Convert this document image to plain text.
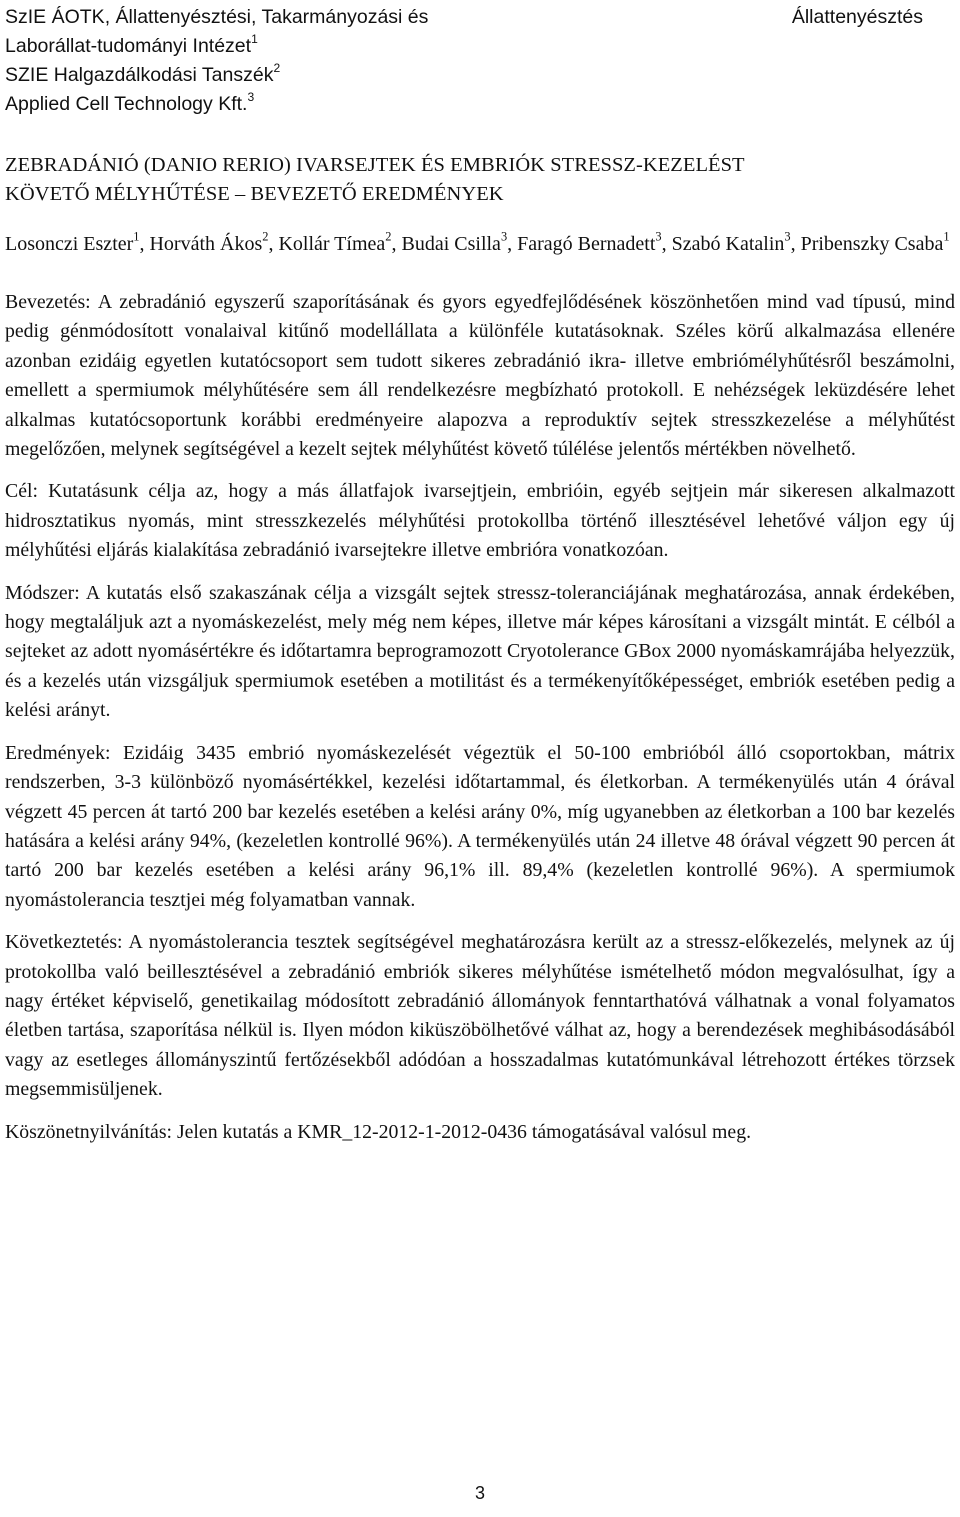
SzIE ÁOTK, Állattenyésztési, Takarmányozási és
Laborállat-tudományi Intézet$^1$
SZIE Halgazdálkodási Tanszék$^2$
Applied Cell Technology Kft.$^3$
Állattenyésztés
ZEBRADÁNIÓ (DANIO RERIO) IVARSEJTEK ÉS EMBRIÓK STRESSZ-KEZELÉST
KÖVETŐ MÉLYHŰTÉSE – BEVEZETŐ EREDMÉNYEK
Losonczi Eszter$^1$, Horváth Ákos$^2$, Kollár Tímea$^2$, Budai Csilla$^3$, Faragó Bernadett$^3$, Szabó Katalin$^3$, Pribenszky Csaba$^1$
Bevezetés: A zebradánió egyszerű szaporításának és gyors egyedfejlődésének köszönhetően mind vad típusú, mind pedig génmódosított vonalaival kitűnő modellállata a különféle kutatásoknak. Széles körű alkalmazása ellenére azonban ezidáig egyetlen kutatócsoport sem tudott sikeres zebradánió ikra- illetve embriómélyhűtésről beszámolni, emellett a spermiumok mélyhűtésére sem áll rendelkezésre megbízható protokoll. E nehézségek leküzdésére lehet alkalmas kutatócsoportunk korábbi eredményeire alapozva a reproduktív sejtek stresszkezelése a mélyhűtést megelőzően, melynek segítségével a kezelt sejtek mélyhűtést követő túlélése jelentős mértékben növelhető.
Cél: Kutatásunk célja az, hogy a más állatfajok ivarsejtjein, embrióin, egyéb sejtjein már sikeresen alkalmazott hidrosztatikus nyomás, mint stresszkezelés mélyhűtési protokollba történő illesztésével lehetővé váljon egy új mélyhűtési eljárás kialakítása zebradánió ivarsejtekre illetve embrióra vonatkozóan.
Módszer: A kutatás első szakaszának célja a vizsgált sejtek stressz-toleranciájának meghatározása, annak érdekében, hogy megtaláljuk azt a nyomáskezelést, mely még nem képes, illetve már képes károsítani a vizsgált mintát. E célból a sejteket az adott nyomásértékre és időtartamra beprogramozott Cryotolerance GBox 2000 nyomáskamrájába helyezzük, és a kezelés után vizsgáljuk spermiumok esetében a motilitást és a termékenyítőképességet, embriók esetében pedig a kelési arányt.
Eredmények: Ezidáig 3435 embrió nyomáskezelését végeztük el 50-100 embrióból álló csoportokban, mátrix rendszerben, 3-3 különböző nyomásértékkel, kezelési időtartammal, és életkorban. A termékenyülés után 4 órával végzett 45 percen át tartó 200 bar kezelés esetében a kelési arány 0%, míg ugyanebben az életkorban a 100 bar kezelés hatására a kelési arány 94%, (kezeletlen kontrollé 96%). A termékenyülés után 24 illetve 48 órával végzett 90 percen át tartó 200 bar kezelés esetében a kelési arány 96,1% ill. 89,4% (kezeletlen kontrollé 96%). A spermiumok nyomástolerancia tesztjei még folyamatban vannak.
Következtetés: A nyomástolerancia tesztek segítségével meghatározásra került az a stressz-előkezelés, melynek az új protokollba való beillesztésével a zebradánió embriók sikeres mélyhűtése ismételhető módon megvalósulhat, így a nagy értéket képviselő, genetikailag módosított zebradánió állományok fenntarthatóvá válhatnak a vonal folyamatos életben tartása, szaporítása nélkül is. Ilyen módon kiküszöbölhetővé válhat az, hogy a berendezések meghibásodásából vagy az esetleges állományszintű fertőzésekből adódóan a hosszadalmas kutatómunkával létrehozott értékes törzsek megsemmisüljenek.
Köszönetnyilvánítás: Jelen kutatás a KMR_12-2012-1-2012-0436 támogatásával valósul meg.
3
